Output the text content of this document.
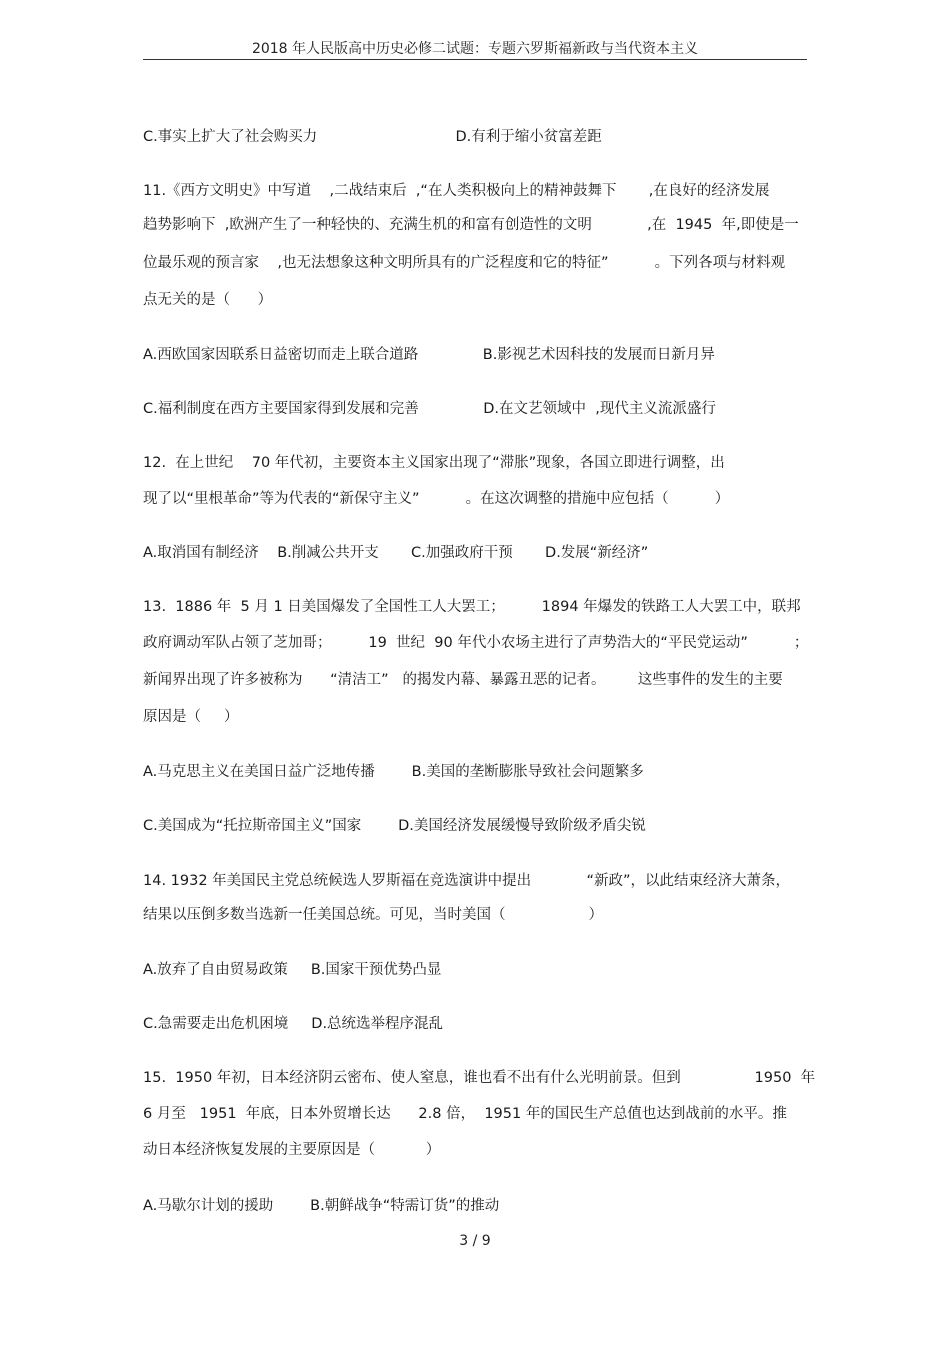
2018 年人民版高中历史必修二试题：专题六罗斯福新政与当代资本主义
C.事实上扩大了社会购买力                              D.有利于缩小贫富差距
11.《西方文明史》中写道    ,二战结束后  ,“在人类积极向上的精神鼓舞下       ,在良好的经济发展
趋势影响下  ,欧洲产生了一种轻快的、充满生机的和富有创造性的文明            ,在  1945  年,即使是一
位最乐观的预言家    ,也无法想象这种文明所具有的广泛程度和它的特征”          。下列各项与材料观
点无关的是（      ）
A.西欧国家因联系日益密切而走上联合道路              B.影视艺术因科技的发展而日新月异
C.福利制度在西方主要国家得到发展和完善              D.在文艺领域中  ,现代主义流派盛行
12.  在上世纪    70 年代初，主要资本主义国家出现了“滞胀”现象，各国立即进行调整，出
现了以“里根革命”等为代表的“新保守主义”          。在这次调整的措施中应包括（          ）
A.取消国有制经济    B.削减公共开支       C.加强政府干预       D.发展“新经济”
13.  1886 年  5 月 1 日美国爆发了全国性工人大罢工；        1894 年爆发的铁路工人大罢工中，联邦
政府调动军队占领了芝加哥；        19  世纪  90 年代小农场主进行了声势浩大的“平民党运动”          ；
新闻界出现了许多被称为      “清洁工”   的揭发内幕、暴露丑恶的记者。       这些事件的发生的主要
原因是（     ）
A.马克思主义在美国日益广泛地传播        B.美国的垄断膨胀导致社会问题繁多
C.美国成为“托拉斯帝国主义”国家        D.美国经济发展缓慢导致阶级矛盾尖锐
14. 1932 年美国民主党总统候选人罗斯福在竞选演讲中提出            “新政”，以此结束经济大萧条，
结果以压倒多数当选新一任美国总统。可见，当时美国（                  ）
A.放弃了自由贸易政策     B.国家干预优势凸显
C.急需要走出危机困境     D.总统选举程序混乱
15.  1950 年初，日本经济阴云密布、使人窒息，谁也看不出有什么光明前景。但到                1950  年
6 月至   1951  年底，日本外贸增长达      2.8 倍，  1951 年的国民生产总值也达到战前的水平。推
动日本经济恢复发展的主要原因是（           ）
A.马歇尔计划的援助        B.朝鲜战争“特需订货”的推动
3 / 9
